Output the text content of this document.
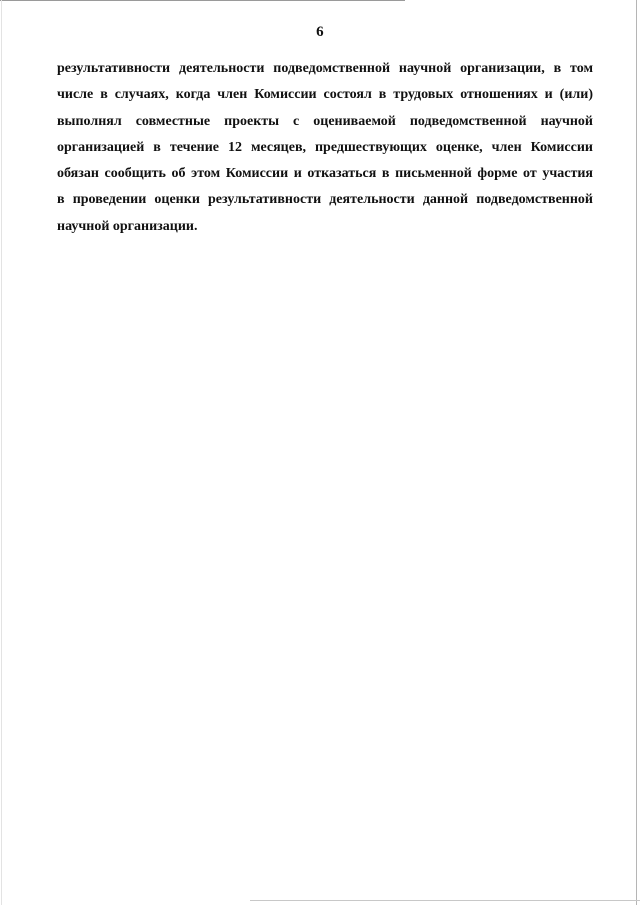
6
результативности деятельности подведомственной научной организации, в том
числе в случаях, когда член Комиссии состоял в трудовых отношениях и (или)
выполнял совместные проекты с оцениваемой подведомственной научной
организацией в течение 12 месяцев, предшествующих оценке, член Комиссии
обязан сообщить об этом Комиссии и отказаться в письменной форме от участия
в проведении оценки результативности деятельности данной подведомственной
научной организации.
